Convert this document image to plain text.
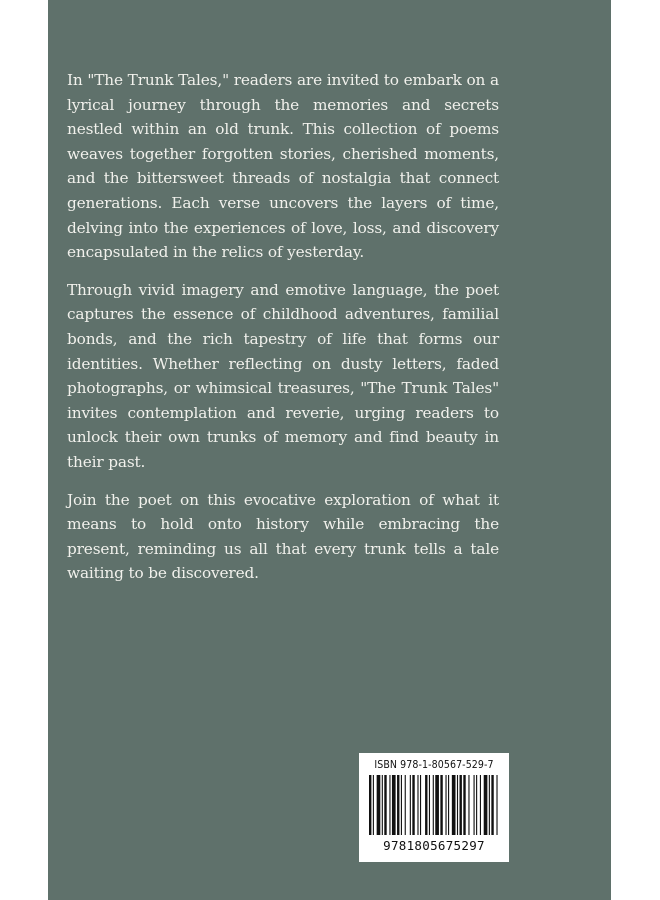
In "The Trunk Tales," readers are invited to embark on a lyrical journey through the memories and secrets nestled within an old trunk. This collection of poems weaves together forgotten stories, cherished moments, and the bittersweet threads of nostalgia that connect generations. Each verse uncovers the layers of time, delving into the experiences of love, loss, and discovery encapsulated in the relics of yesterday.

Through vivid imagery and emotive language, the poet captures the essence of childhood adventures, familial bonds, and the rich tapestry of life that forms our identities. Whether reflecting on dusty letters, faded photographs, or whimsical treasures, "The Trunk Tales" invites contemplation and reverie, urging readers to unlock their own trunks of memory and find beauty in their past.

Join the poet on this evocative exploration of what it means to hold onto history while embracing the present, reminding us all that every trunk tells a tale waiting to be discovered.

ISBN 978-1-80567-529-7
9781805675297
